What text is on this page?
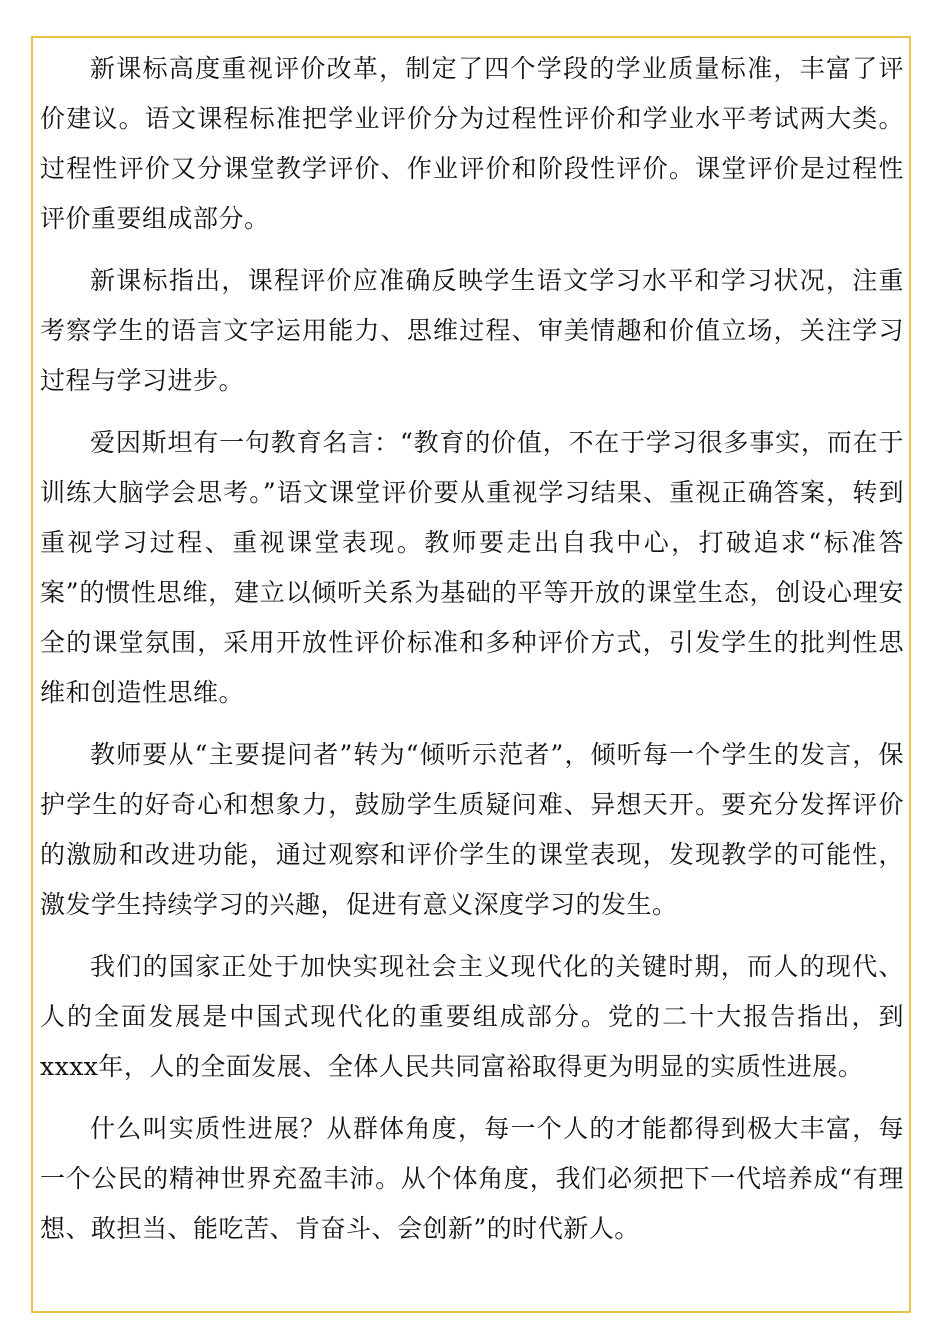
新课标高度重视评价改革，制定了四个学段的学业质量标准，丰富了评价建议。语文课程标准把学业评价分为过程性评价和学业水平考试两大类。过程性评价又分课堂教学评价、作业评价和阶段性评价。课堂评价是过程性评价重要组成部分。

新课标指出，课程评价应准确反映学生语文学习水平和学习状况，注重考察学生的语言文字运用能力、思维过程、审美情趣和价值立场，关注学习过程与学习进步。

爱因斯坦有一句教育名言：“教育的价值，不在于学习很多事实，而在于训练大脑学会思考。”语文课堂评价要从重视学习结果、重视正确答案，转到重视学习过程、重视课堂表现。教师要走出自我中心，打破追求“标准答案”的惯性思维，建立以倾听关系为基础的平等开放的课堂生态，创设心理安全的课堂氛围，采用开放性评价标准和多种评价方式，引发学生的批判性思维和创造性思维。

教师要从“主要提问者”转为“倾听示范者”，倾听每一个学生的发言，保护学生的好奇心和想象力，鼓励学生质疑问难、异想天开。要充分发挥评价的激励和改进功能，通过观察和评价学生的课堂表现，发现教学的可能性，激发学生持续学习的兴趣，促进有意义深度学习的发生。

我们的国家正处于加快实现社会主义现代化的关键时期，而人的现代、人的全面发展是中国式现代化的重要组成部分。党的二十大报告指出，到xxxx年，人的全面发展、全体人民共同富裕取得更为明显的实质性进展。

什么叫实质性进展？从群体角度，每一个人的才能都得到极大丰富，每一个公民的精神世界充盈丰沛。从个体角度，我们必须把下一代培养成“有理想、敢担当、能吃苦、肯奋斗、会创新”的时代新人。
